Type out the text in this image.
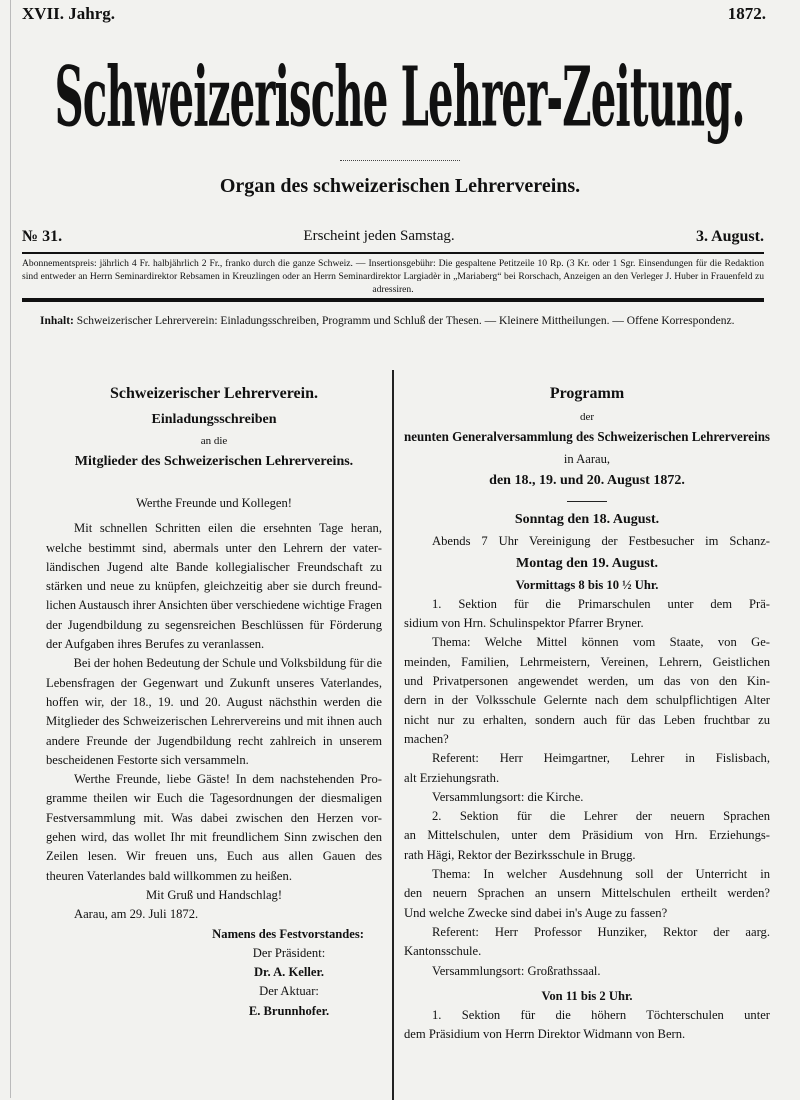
XVII. Jahrg.	1872.
Schweizerische Lehrer-Zeitung.
Organ des schweizerischen Lehrervereins.
№ 31.	Erscheint jeden Samstag.	3. August.
Abonnementspreis: jährlich 4 Fr. halbjährlich 2 Fr., franko durch die ganze Schweiz. — Insertionsgebühr: Die gespaltene Petitzeile 10 Rp. (3 Kr. oder 1 Sgr. Einsendungen für die Redaktion sind entweder an Herrn Seminardirektor Rebsamen in Kreuzlingen oder an Herrn Seminardirektor Largiadèr in „Mariaberg“ bei Rorschach, Anzeigen an den Verleger J. Huber in Frauenfeld zu adressiren.
Inhalt: Schweizerischer Lehrerverein: Einladungsschreiben, Programm und Schluß der Thesen. — Kleinere Mittheilungen. — Offene Korrespondenz.
Schweizerischer Lehrerverein.
Einladungsschreiben
an die
Mitglieder des Schweizerischen Lehrervereins.
Werthe Freunde und Kollegen!
Mit schnellen Schritten eilen die ersehnten Tage heran,
welche bestimmt sind, abermals unter den Lehrern der vater-
ländischen Jugend alte Bande kollegialischer Freundschaft zu
stärken und neue zu knüpfen, gleichzeitig aber sie durch freund-
lichen Austausch ihrer Ansichten über verschiedene wichtige Fragen
der Jugendbildung zu segensreichen Beschlüssen für Förderung
der Aufgaben ihres Berufes zu veranlassen.
Bei der hohen Bedeutung der Schule und Volksbildung für die
Lebensfragen der Gegenwart und Zukunft unseres Vaterlandes,
hoffen wir, der 18., 19. und 20. August nächsthin werden die
Mitglieder des Schweizerischen Lehrervereins und mit ihnen auch
andere Freunde der Jugendbildung recht zahlreich in unserem
bescheidenen Festorte sich versammeln.
Werthe Freunde, liebe Gäste! In dem nachstehenden Pro-
gramme theilen wir Euch die Tagesordnungen der diesmaligen
Festversammlung mit. Was dabei zwischen den Herzen vor-
gehen wird, das wollet Ihr mit freundlichem Sinn zwischen den
Zeilen lesen. Wir freuen uns, Euch aus allen Gauen des
theuren Vaterlandes bald willkommen zu heißen.
Mit Gruß und Handschlag!
Aarau, am 29. Juli 1872.
Namens des Festvorstandes:
Der Präsident:
Dr. A. Keller.
Der Aktuar:
E. Brunnhofer.
Programm
der
neunten Generalversammlung des Schweizerischen Lehrervereins
in Aarau,
den 18., 19. und 20. August 1872.
Sonntag den 18. August.
Abends 7 Uhr Vereinigung der Festbesucher im Schanz-
Montag den 19. August.
Vormittags 8 bis 10 ½ Uhr.
1. Sektion für die Primarschulen unter dem Prä-
sidium von Hrn. Schulinspektor Pfarrer Bryner.
Thema: Welche Mittel können vom Staate, von Ge-
meinden, Familien, Lehrmeistern, Vereinen, Lehrern, Geistlichen
und Privatpersonen angewendet werden, um das von den Kin-
dern in der Volksschule Gelernte nach dem schulpflichtigen Alter
nicht nur zu erhalten, sondern auch für das Leben fruchtbar zu
machen?
Referent: Herr Heimgartner, Lehrer in Fislisbach,
alt Erziehungsrath.
Versammlungsort: die Kirche.
2. Sektion für die Lehrer der neuern Sprachen
an Mittelschulen, unter dem Präsidium von Hrn. Erziehungs-
rath Hägi, Rektor der Bezirksschule in Brugg.
Thema: In welcher Ausdehnung soll der Unterricht in
den neuern Sprachen an unsern Mittelschulen ertheilt werden?
Und welche Zwecke sind dabei in's Auge zu fassen?
Referent: Herr Professor Hunziker, Rektor der aarg.
Kantonsschule.
Versammlungsort: Großrathssaal.
Von 11 bis 2 Uhr.
1. Sektion für die höhern Töchterschulen unter
dem Präsidium von Herrn Direktor Widmann von Bern.
